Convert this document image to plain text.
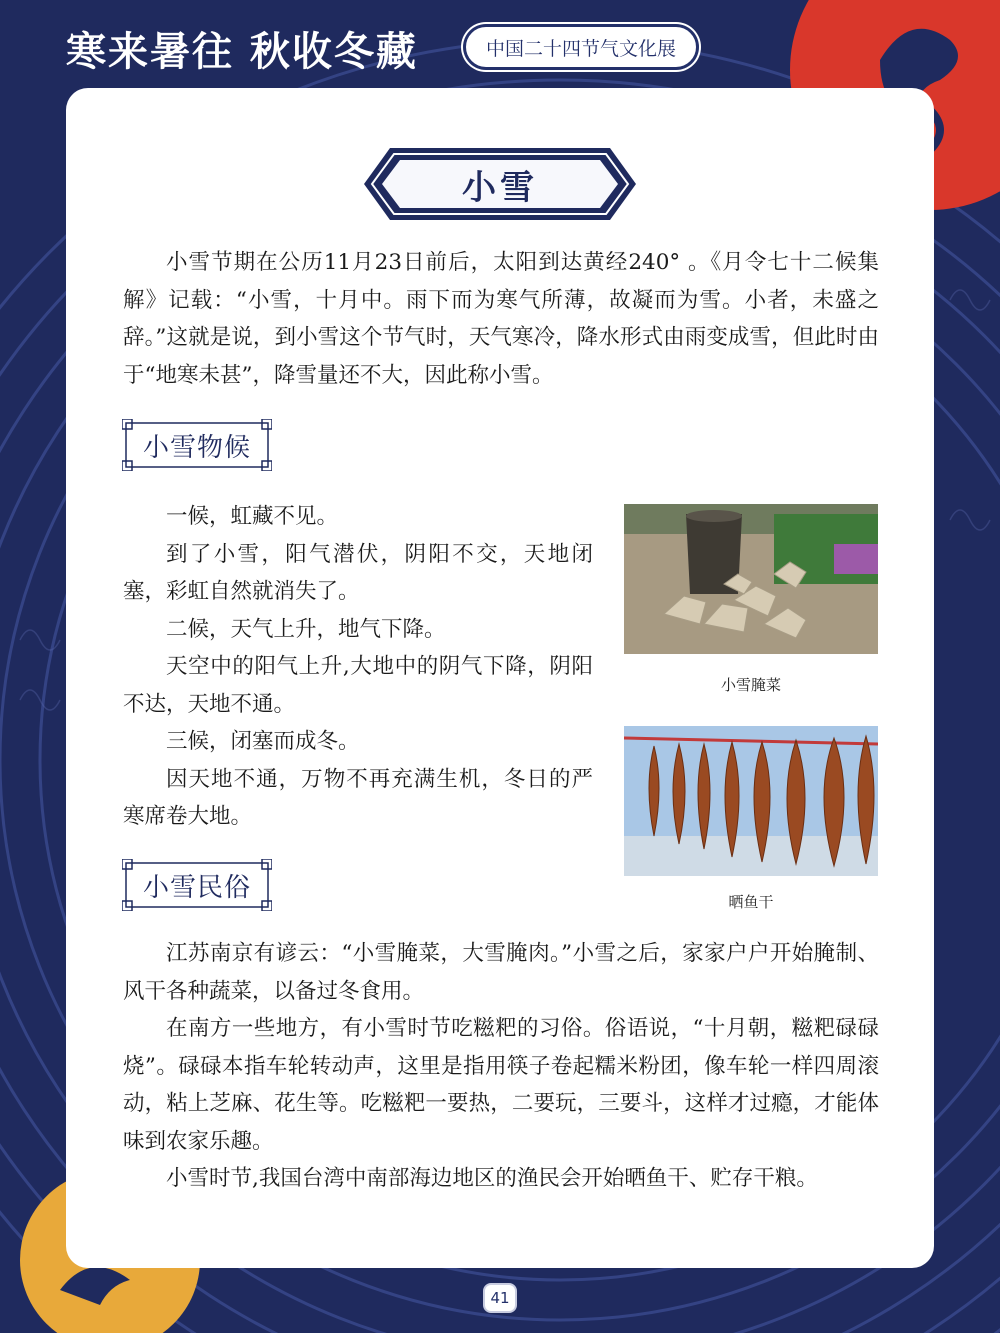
寒来暑往 秋收冬藏	中国二十四节气文化展
小雪

小雪节期在公历11月23日前后，太阳到达黄经240° 。《月令七十二候集解》记载：“小雪，十月中。雨下而为寒气所薄，故凝而为雪。小者，未盛之辞。”这就是说，到小雪这个节气时，天气寒冷，降水形式由雨变成雪，但此时由于“地寒未甚”，降雪量还不大，因此称小雪。

小雪物候

一候，虹藏不见。

到了小雪，阳气潜伏，阴阳不交，天地闭塞，彩虹自然就消失了。

二候，天气上升，地气下降。

天空中的阳气上升,大地中的阴气下降，阴阳不达，天地不通。

三候，闭塞而成冬。

因天地不通，万物不再充满生机，冬日的严寒席卷大地。

小雪腌菜
晒鱼干
小雪民俗

江苏南京有谚云：“小雪腌菜，大雪腌肉。”小雪之后，家家户户开始腌制、风干各种蔬菜，以备过冬食用。

在南方一些地方，有小雪时节吃糍粑的习俗。俗语说，“十月朝，糍粑碌碌烧”。碌碌本指车轮转动声，这里是指用筷子卷起糯米粉团，像车轮一样四周滚动，粘上芝麻、花生等。吃糍粑一要热，二要玩，三要斗，这样才过瘾，才能体味到农家乐趣。

小雪时节,我国台湾中南部海边地区的渔民会开始晒鱼干、贮存干粮。

41
